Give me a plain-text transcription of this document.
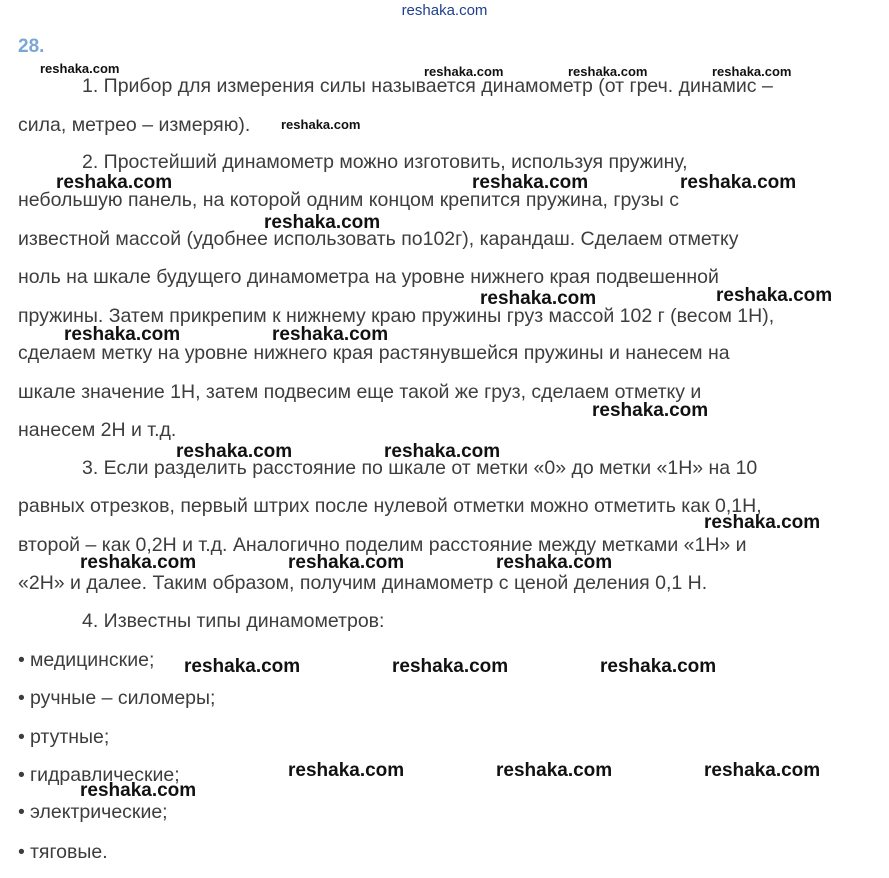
reshaka.com
28.
1. Прибор для измерения силы называется динамометр (от греч. динамис –
сила, метрео – измеряю).
2. Простейший динамометр можно изготовить, используя пружину,
небольшую панель, на которой одним концом крепится пружина, грузы с
известной массой (удобнее использовать по102г), карандаш. Сделаем отметку
ноль на шкале будущего динамометра на уровне нижнего края подвешенной
пружины. Затем прикрепим к нижнему краю пружины груз массой 102 г (весом 1Н),
сделаем метку на уровне нижнего края растянувшейся пружины и нанесем на
шкале значение 1Н, затем подвесим еще такой же груз, сделаем отметку и
нанесем 2Н и т.д.
3. Если разделить расстояние по шкале от метки «0» до метки «1Н» на 10
равных отрезков, первый штрих после нулевой отметки можно отметить как 0,1Н,
второй – как 0,2Н и т.д. Аналогично поделим расстояние между метками «1Н» и
«2Н» и далее. Таким образом, получим динамометр с ценой деления 0,1 Н.
4. Известны типы динамометров:
• медицинские;
• ручные – силомеры;
• ртутные;
• гидравлические;
• электрические;
• тяговые.
reshaka.com	reshaka.com	reshaka.com	reshaka.com
reshaka.com
reshaka.com	reshaka.com	reshaka.com
reshaka.com
reshaka.com
reshaka.com
reshaka.com	reshaka.com
reshaka.com
reshaka.com	reshaka.com
reshaka.com
reshaka.com	reshaka.com	reshaka.com
reshaka.com	reshaka.com	reshaka.com
reshaka.com	reshaka.com	reshaka.com
reshaka.com
